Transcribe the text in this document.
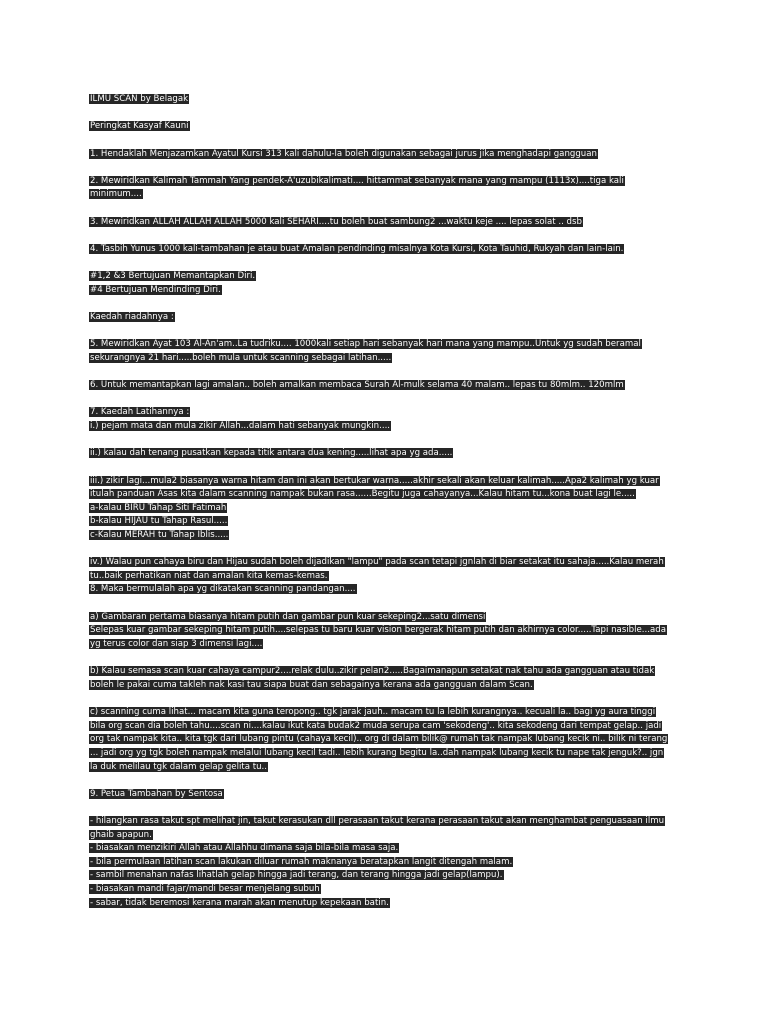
ILMU SCAN by Belagak
Peringkat Kasyaf Kauni
1. Hendaklah Menjazamkan Ayatul Kursi 313 kali dahulu-la boleh digunakan sebagai jurus jika menghadapi gangguan
2. Mewiridkan Kalimah Tammah Yang pendek-A'uzubikalimati.... hittammat sebanyak mana yang mampu (1113x)....tiga kali
minimum....
3. Mewiridkan ALLAH ALLAH ALLAH 5000 kali SEHARI....tu boleh buat sambung2 ...waktu keje .... lepas solat .. dsb
4. Tasbih Yunus 1000 kali-tambahan je atau buat Amalan pendinding misalnya Kota Kursi, Kota Tauhid, Rukyah dan lain-lain.
#1,2 &3 Bertujuan Memantapkan Diri.
#4 Bertujuan Mendinding Diri.
Kaedah riadahnya :
5. Mewiridkan Ayat 103 Al-An'am..La tudriku.... 1000kali setiap hari sebanyak hari mana yang mampu..Untuk yg sudah beramal
sekurangnya 21 hari.....boleh mula untuk scanning sebagai latihan.....
6. Untuk memantapkan lagi amalan.. boleh amalkan membaca Surah Al-mulk selama 40 malam.. lepas tu 80mlm.. 120mlm
7. Kaedah Latihannya :
i.) pejam mata dan mula zikir Allah...dalam hati sebanyak mungkin....
ii.) kalau dah tenang pusatkan kepada titik antara dua kening.....lihat apa yg ada.....
iii.) zikir lagi...mula2 biasanya warna hitam dan ini akan bertukar warna.....akhir sekali akan keluar kalimah.....Apa2 kalimah yg kuar
itulah panduan Asas kita dalam scanning nampak bukan rasa......Begitu juga cahayanya...Kalau hitam tu...kona buat lagi le.....
a-kalau BIRU Tahap Siti Fatimah
b-kalau HIJAU tu Tahap Rasul.....
c-Kalau MERAH tu Tahap Iblis.....
iv.) Walau pun cahaya biru dan Hijau sudah boleh dijadikan "lampu" pada scan tetapi jgnlah di biar setakat itu sahaja.....Kalau merah
tu..baik perhatikan niat dan amalan kita kemas-kemas.
8. Maka bermulalah apa yg dikatakan scanning pandangan....
a) Gambaran pertama biasanya hitam putih dan gambar pun kuar sekeping2...satu dimensi
Selepas kuar gambar sekeping hitam putih....selepas tu baru kuar vision bergerak hitam putih dan akhirnya color.....Tapi nasible...ada
yg terus color dan siap 3 dimensi lagi....
b) Kalau semasa scan kuar cahaya campur2....relak dulu..zikir pelan2.....Bagaimanapun setakat nak tahu ada gangguan atau tidak
boleh le pakai cuma takleh nak kasi tau siapa buat dan sebagainya kerana ada gangguan dalam Scan.
c) scanning cuma lihat... macam kita guna teropong.. tgk jarak jauh.. macam tu la lebih kurangnya.. kecuali la.. bagi yg aura tinggi
bila org scan dia boleh tahu....scan ni....kalau ikut kata budak2 muda serupa cam 'sekodeng'.. kita sekodeng dari tempat gelap.. jadi
org tak nampak kita.. kita tgk dari lubang pintu (cahaya kecil).. org di dalam bilik@ rumah tak nampak lubang kecik ni.. bilik ni terang
... jadi org yg tgk boleh nampak melalui lubang kecil tadi.. lebih kurang begitu la..dah nampak lubang kecik tu nape tak jenguk?.. jgn
la duk melilau tgk dalam gelap gelita tu..
9. Petua Tambahan by Sentosa
- hilangkan rasa takut spt melihat jin, takut kerasukan dll perasaan takut kerana perasaan takut akan menghambat penguasaan ilmu
ghaib apapun.
- biasakan menzikiri Allah atau Allahhu dimana saja bila-bila masa saja.
- bila permulaan latihan scan lakukan diluar rumah maknanya beratapkan langit ditengah malam.
- sambil menahan nafas lihatlah gelap hingga jadi terang, dan terang hingga jadi gelap(lampu).
- biasakan mandi fajar/mandi besar menjelang subuh
- sabar, tidak beremosi kerana marah akan menutup kepekaan batin.
